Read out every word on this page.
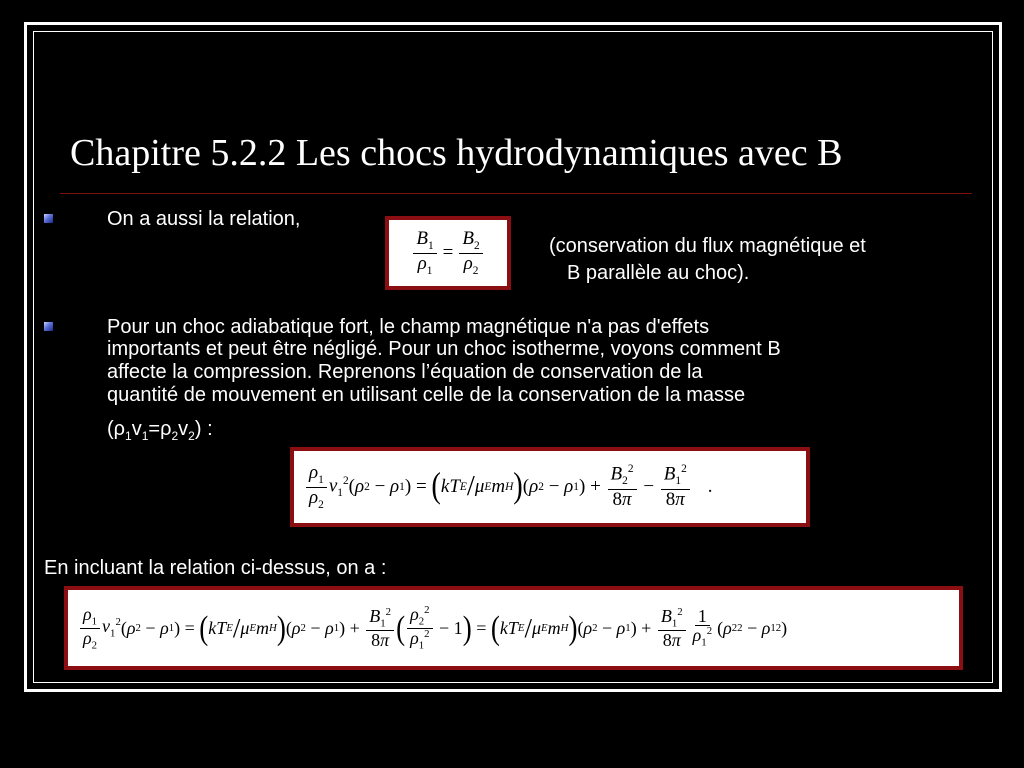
Chapitre 5.2.2 Les chocs hydrodynamiques avec B
On a aussi la relation,
$\frac{B_1}{\rho_1} = \frac{B_2}{\rho_2}$	(conservation du flux magnétique et
B parallèle au choc).
Pour un choc adiabatique fort, le champ magnétique n'a pas d'effets
importants et peut être négligé. Pour un choc isotherme, voyons comment B
affecte la compression. Reprenons l’équation de conservation de la
quantité de mouvement en utilisant celle de la conservation de la masse
$(\rho_1v_1=\rho_2v_2)$ :
$\frac{\rho_1}{\rho_2} v_1^2$ ( ρ 2 − ρ 1 ) = ( kT E / μ E m H ) ( ρ 2 − ρ 1 ) + $\frac{B_2^2}{8\pi} - \frac{B_1^2}{8\pi}$ .
En incluant la relation ci-dessus, on a :
$\frac{\rho_1}{\rho_2} v_1^2$ ( ρ 2 − ρ 1 ) = ( kT E / μ E m H ) ( ρ 2 − ρ 1 ) + $\frac{B_1^2}{8\pi}$ ( $\frac{\rho_2^2}{\rho_1^2} - 1$ ) = ( kT E / μ E m H ) ( ρ 2 − ρ 1 ) + $\frac{B_1^2}{8\pi} \frac{1}{\rho_1^2}$ ( ρ 2 2 − ρ 1 2 )
